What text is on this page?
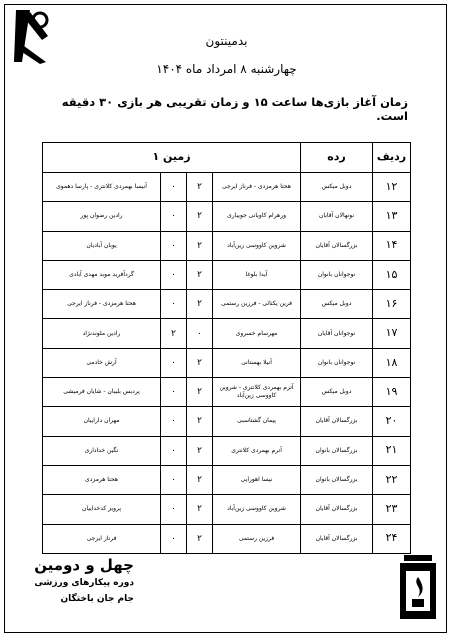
بدمینتون
چهارشنبه ۸ امرداد ماه ۱۴۰۴
زمان آغاز بازی‌ها ساعت ۱۵ و زمان تقریبی هر بازی ۳۰ دقیقه است.
ردیف	رده	زمین ۱			
۱۲	دوبل میکس	هحتا هرمزدی - فرناز ایرجی	۲	۰	آنیسا بهمردی کلانتری - پارسا دهموی
۱۳	نونهالان آقایان	ورهرام کاویانی جویباری	۲	۰	رادین رضوان پور
۱۴	بزرگسالان آقایان	شروین کاووسی زین‌آباد	۲	۰	یوبان آبادیان
۱۵	نوجوانان بانوان	آیدا بلوغا	۲	۰	گردآفرید موبد مهدی آبادی
۱۶	دوبل میکس	فرین یکتائی - فرزین رستمی	۲	۰	هحتا هرمزدی - فرناز ایرجی
۱۷	نوجوانان آقایان	مهرسام خسروی	۰	۲	رادین ملوندنژاد
۱۸	نوجوانان بانوان	آنیلا بهستانی	۲	۰	آرش خادمی
۱۹	دوبل میکس	آترم بهمردی کلانتری - شروین کاووسی زین‌آباد	۲	۰	پردیس بلیبان - شایان فرمیشی
۲۰	بزرگسالان آقایان	پیمان گشتاسبی	۲	۰	مهران داراییان
۲۱	بزرگسالان بانوان	آترم بهمردی کلانتری	۲	۰	نگین خداداری
۲۲	بزرگسالان بانوان	نیسا اهورایی	۲	۰	هحتا هرمزدی
۲۳	بزرگسالان آقایان	شروین کاووسی زین‌آباد	۲	۰	پرویز کدخداییان
۲۴	بزرگسالان آقایان	فرزین رستمی	۲	۰	فرناز ایرجی
چهل و دومین
دوره پیکارهای ورزشی
جام جان باختگان
